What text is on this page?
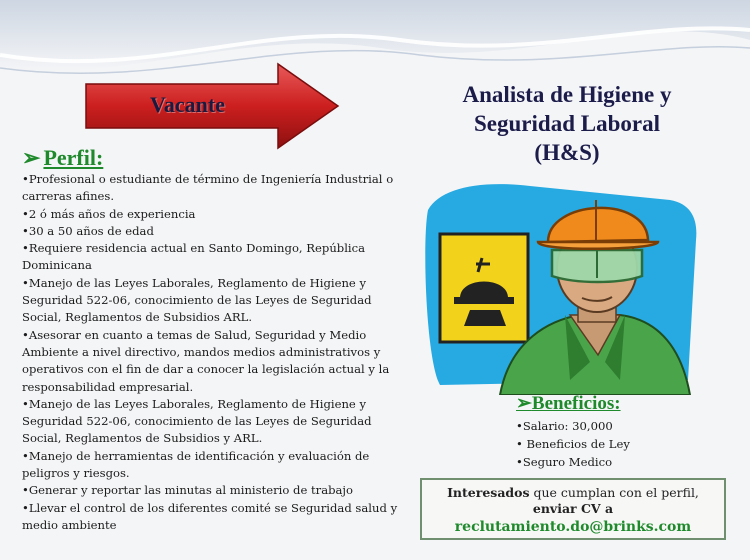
Vacante	Analista de Higiene y
Seguridad Laboral
(H&S)
➢ Perfil:
• Profesional o estudiante de término de Ingeniería Industrial o carreras afines.
• 2 ó más años de experiencia
• 30 a 50 años de edad
• Requiere residencia actual en Santo Domingo, República Dominicana
• Manejo de las Leyes Laborales, Reglamento de Higiene y Seguridad 522-06, conocimiento de las Leyes de Seguridad Social, Reglamentos de Subsidios ARL.
• Asesorar en cuanto a temas de Salud, Seguridad y Medio Ambiente a nivel directivo, mandos medios administrativos y operativos con el fin de dar a conocer la legislación actual y la responsabilidad empresarial.
• Manejo de las Leyes Laborales, Reglamento de Higiene y Seguridad 522-06, conocimiento de las Leyes de Seguridad Social, Reglamentos de Subsidios y ARL.
• Manejo de herramientas de identificación y evaluación de peligros y riesgos.
• Generar y reportar las minutas al ministerio de trabajo
• Llevar el control de los diferentes comité se Seguridad salud y medio ambiente
➢Beneficios:
• Salario: 30,000
• Beneficios de Ley
• Seguro Medico
Interesados que cumplan con el perfil,
enviar CV a
reclutamiento.do@brinks.com
